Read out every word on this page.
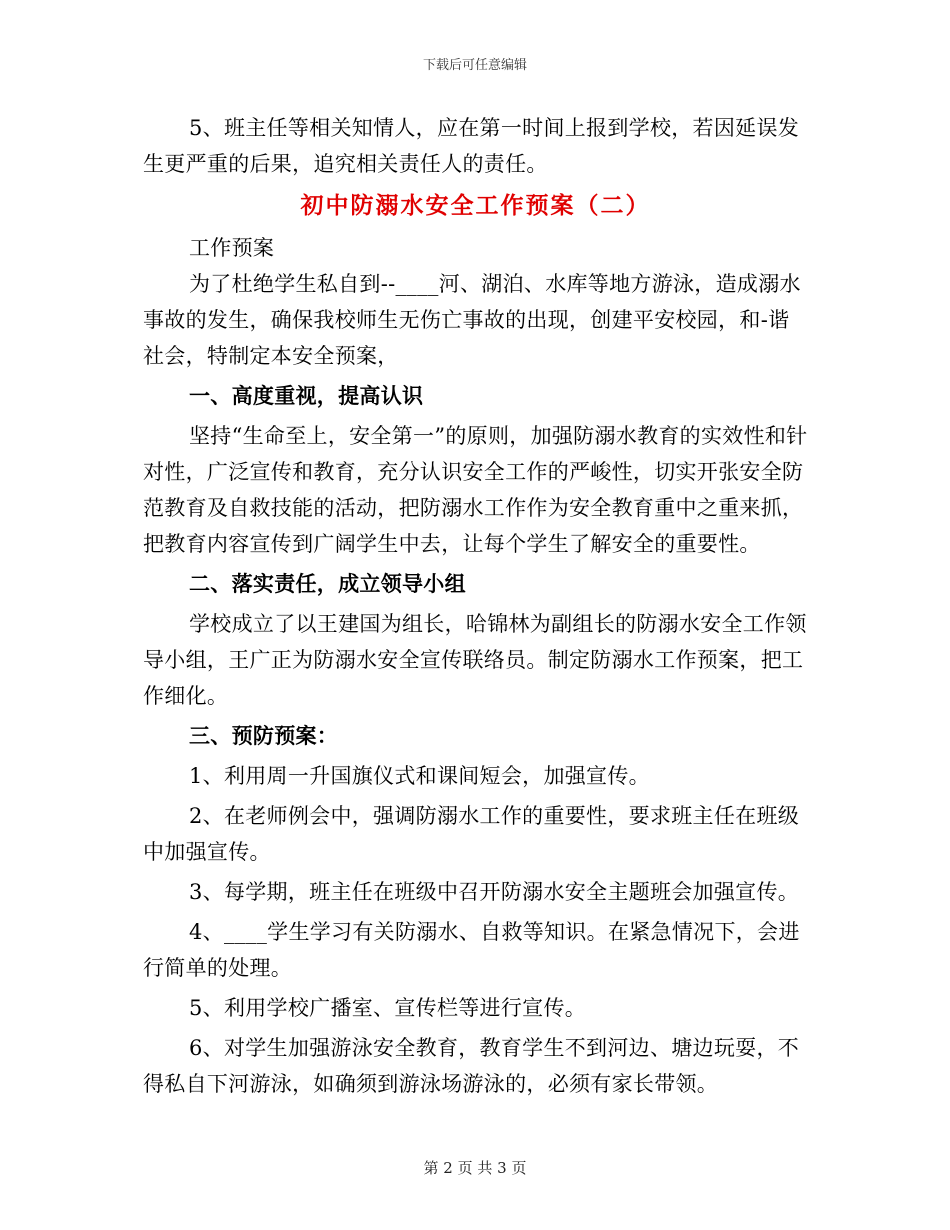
下载后可任意编辑

5、班主任等相关知情人，应在第一时间上报到学校，若因延误发生更严重的后果，追究相关责任人的责任。

初中防溺水安全工作预案（二）

工作预案

为了杜绝学生私自到--____河、湖泊、水库等地方游泳，造成溺水事故的发生，确保我校师生无伤亡事故的出现，创建平安校园，和-谐社会，特制定本安全预案，

一、高度重视，提高认识

坚持“生命至上，安全第一”的原则，加强防溺水教育的实效性和针对性，广泛宣传和教育，充分认识安全工作的严峻性，切实开张安全防范教育及自救技能的活动，把防溺水工作作为安全教育重中之重来抓，把教育内容宣传到广阔学生中去，让每个学生了解安全的重要性。

二、落实责任，成立领导小组

学校成立了以王建国为组长，哈锦林为副组长的防溺水安全工作领导小组，王广正为防溺水安全宣传联络员。制定防溺水工作预案，把工作细化。

三、预防预案：

1、利用周一升国旗仪式和课间短会，加强宣传。

2、在老师例会中，强调防溺水工作的重要性，要求班主任在班级中加强宣传。

3、每学期，班主任在班级中召开防溺水安全主题班会加强宣传。

4、____学生学习有关防溺水、自救等知识。在紧急情况下，会进行简单的处理。

5、利用学校广播室、宣传栏等进行宣传。

6、对学生加强游泳安全教育，教育学生不到河边、塘边玩耍，不得私自下河游泳，如确须到游泳场游泳的，必须有家长带领。

第 2 页 共 3 页
